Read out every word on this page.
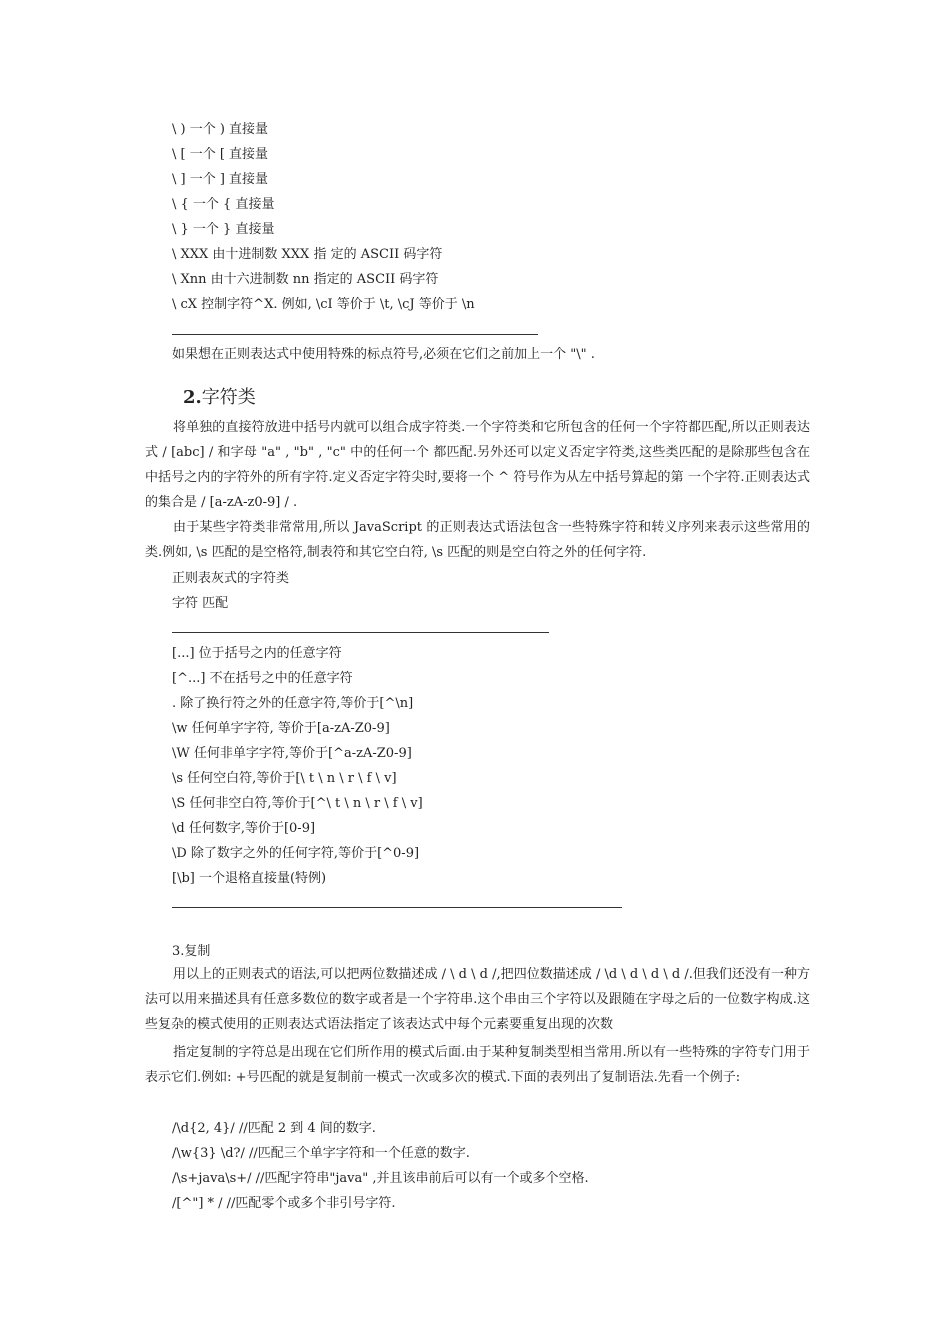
\ ) 一个 ) 直接量
\ [ 一个 [ 直接量
\ ] 一个 ] 直接量
\ { 一个 { 直接量
\ } 一个 } 直接量
\ XXX 由十进制数 XXX 指 定的 ASCII 码字符
\ Xnn 由十六进制数 nn 指定的 ASCII 码字符
\ cX 控制字符^X. 例如, \cI 等价于 \t, \cJ 等价于 \n
如果想在正则表达式中使用特殊的标点符号,必须在它们之前加上一个 "\" .
2.字符类
将单独的直接符放进中括号内就可以组合成字符类.一个字符类和它所包含的任何一个字符都匹配,所以正则表达式 / [abc] / 和字母 "a" , "b" , "c" 中的任何一个 都匹配.另外还可以定义否定字符类,这些类匹配的是除那些包含在中括号之内的字符外的所有字符.定义否定字符尖时,要将一个 ^ 符号作为从左中括号算起的第 一个字符.正则表达式的集合是 / [a-zA-z0-9] / .
由于某些字符类非常常用,所以 JavaScript 的正则表达式语法包含一些特殊字符和转义序列来表示这些常用的类.例如, \s 匹配的是空格符,制表符和其它空白符, \s 匹配的则是空白符之外的任何字符.
正则表灰式的字符类
字符 匹配
[...] 位于括号之内的任意字符
[^...] 不在括号之中的任意字符
. 除了换行符之外的任意字符,等价于[^\n]
\w 任何单字字符, 等价于[a-zA-Z0-9]
\W 任何非单字字符,等价于[^a-zA-Z0-9]
\s 任何空白符,等价于[\ t \ n \ r \ f \ v]
\S 任何非空白符,等价于[^\ t \ n \ r \ f \ v]
\d 任何数字,等价于[0-9]
\D 除了数字之外的任何字符,等价于[^0-9]
[\b] 一个退格直接量(特例)
3.复制
用以上的正则表式的语法,可以把两位数描述成 / \ d \ d /,把四位数描述成 / \d \ d \ d \ d /.但我们还没有一种方法可以用来描述具有任意多数位的数字或者是一个字符串.这个串由三个字符以及跟随在字母之后的一位数字构成.这些复杂的模式使用的正则表达式语法指定了该表达式中每个元素要重复出现的次数
指定复制的字符总是出现在它们所作用的模式后面.由于某种复制类型相当常用.所以有一些特殊的字符专门用于表示它们.例如: +号匹配的就是复制前一模式一次或多次的模式.下面的表列出了复制语法.先看一个例子:
/\d{2, 4}/ //匹配 2 到 4 间的数字.
/\w{3} \d?/ //匹配三个单字字符和一个任意的数字.
/\s+java\s+/ //匹配字符串"java" ,并且该串前后可以有一个或多个空格.
/[^"] * / //匹配零个或多个非引号字符.
